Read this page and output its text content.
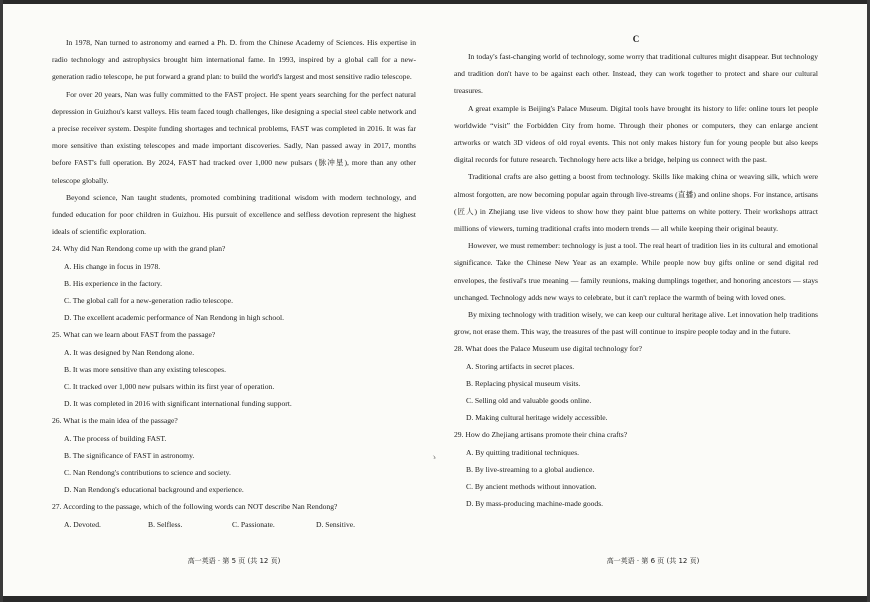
In 1978, Nan turned to astronomy and earned a Ph. D. from the Chinese Academy of Sciences. His expertise in radio technology and astrophysics brought him international fame. In 1993, inspired by a global call for a new-generation radio telescope, he put forward a grand plan: to build the world's largest and most sensitive radio telescope.

For over 20 years, Nan was fully committed to the FAST project. He spent years searching for the perfect natural depression in Guizhou's karst valleys. His team faced tough challenges, like designing a special steel cable network and a precise receiver system. Despite funding shortages and technical problems, FAST was completed in 2016. It was far more sensitive than existing telescopes and made important discoveries. Sadly, Nan passed away in 2017, months before FAST's full operation. By 2024, FAST had tracked over 1,000 new pulsars (脉冲星), more than any other telescope globally.

Beyond science, Nan taught students, promoted combining traditional wisdom with modern technology, and funded education for poor children in Guizhou. His pursuit of excellence and selfless devotion represent the highest ideals of scientific exploration.

24. Why did Nan Rendong come up with the grand plan?

A. His change in focus in 1978.

B. His experience in the factory.

C. The global call for a new-generation radio telescope.

D. The excellent academic performance of Nan Rendong in high school.

25. What can we learn about FAST from the passage?

A. It was designed by Nan Rendong alone.

B. It was more sensitive than any existing telescopes.

C. It tracked over 1,000 new pulsars within its first year of operation.

D. It was completed in 2016 with significant international funding support.

26. What is the main idea of the passage?

A. The process of building FAST.

B. The significance of FAST in astronomy.

C. Nan Rendong's contributions to science and society.

D. Nan Rendong's educational background and experience.

27. According to the passage, which of the following words can NOT describe Nan Rendong?

A. Devoted.	B. Selfless.	C. Passionate.	D. Sensitive.

C

In today's fast-changing world of technology, some worry that traditional cultures might disappear. But technology and tradition don't have to be against each other. Instead, they can work together to protect and share our cultural treasures.

A great example is Beijing's Palace Museum. Digital tools have brought its history to life: online tours let people worldwide “visit” the Forbidden City from home. Through their phones or computers, they can enlarge ancient artworks or watch 3D videos of old royal events. This not only makes history fun for young people but also keeps digital records for future research. Technology here acts like a bridge, helping us connect with the past.

Traditional crafts are also getting a boost from technology. Skills like making china or weaving silk, which were almost forgotten, are now becoming popular again through live-streams (直播) and online shops. For instance, artisans (匠人) in Zhejiang use live videos to show how they paint blue patterns on white pottery. Their workshops attract millions of viewers, turning traditional crafts into modern trends — all while keeping their original beauty.

However, we must remember: technology is just a tool. The real heart of tradition lies in its cultural and emotional significance. Take the Chinese New Year as an example. While people now buy gifts online or send digital red envelopes, the festival's true meaning — family reunions, making dumplings together, and honoring ancestors — stays unchanged. Technology adds new ways to celebrate, but it can't replace the warmth of being with loved ones.

By mixing technology with tradition wisely, we can keep our cultural heritage alive. Let innovation help traditions grow, not erase them. This way, the treasures of the past will continue to inspire people today and in the future.

28. What does the Palace Museum use digital technology for?

A. Storing artifacts in secret places.

B. Replacing physical museum visits.

C. Selling old and valuable goods online.

D. Making cultural heritage widely accessible.

29. How do Zhejiang artisans promote their china crafts?

A. By quitting traditional techniques.

B. By live-streaming to a global audience.

C. By ancient methods without innovation.

D. By mass-producing machine-made goods.

ゝ
高一英语 · 第 5 页 (共 12 页)	高一英语 · 第 6 页 (共 12 页)
